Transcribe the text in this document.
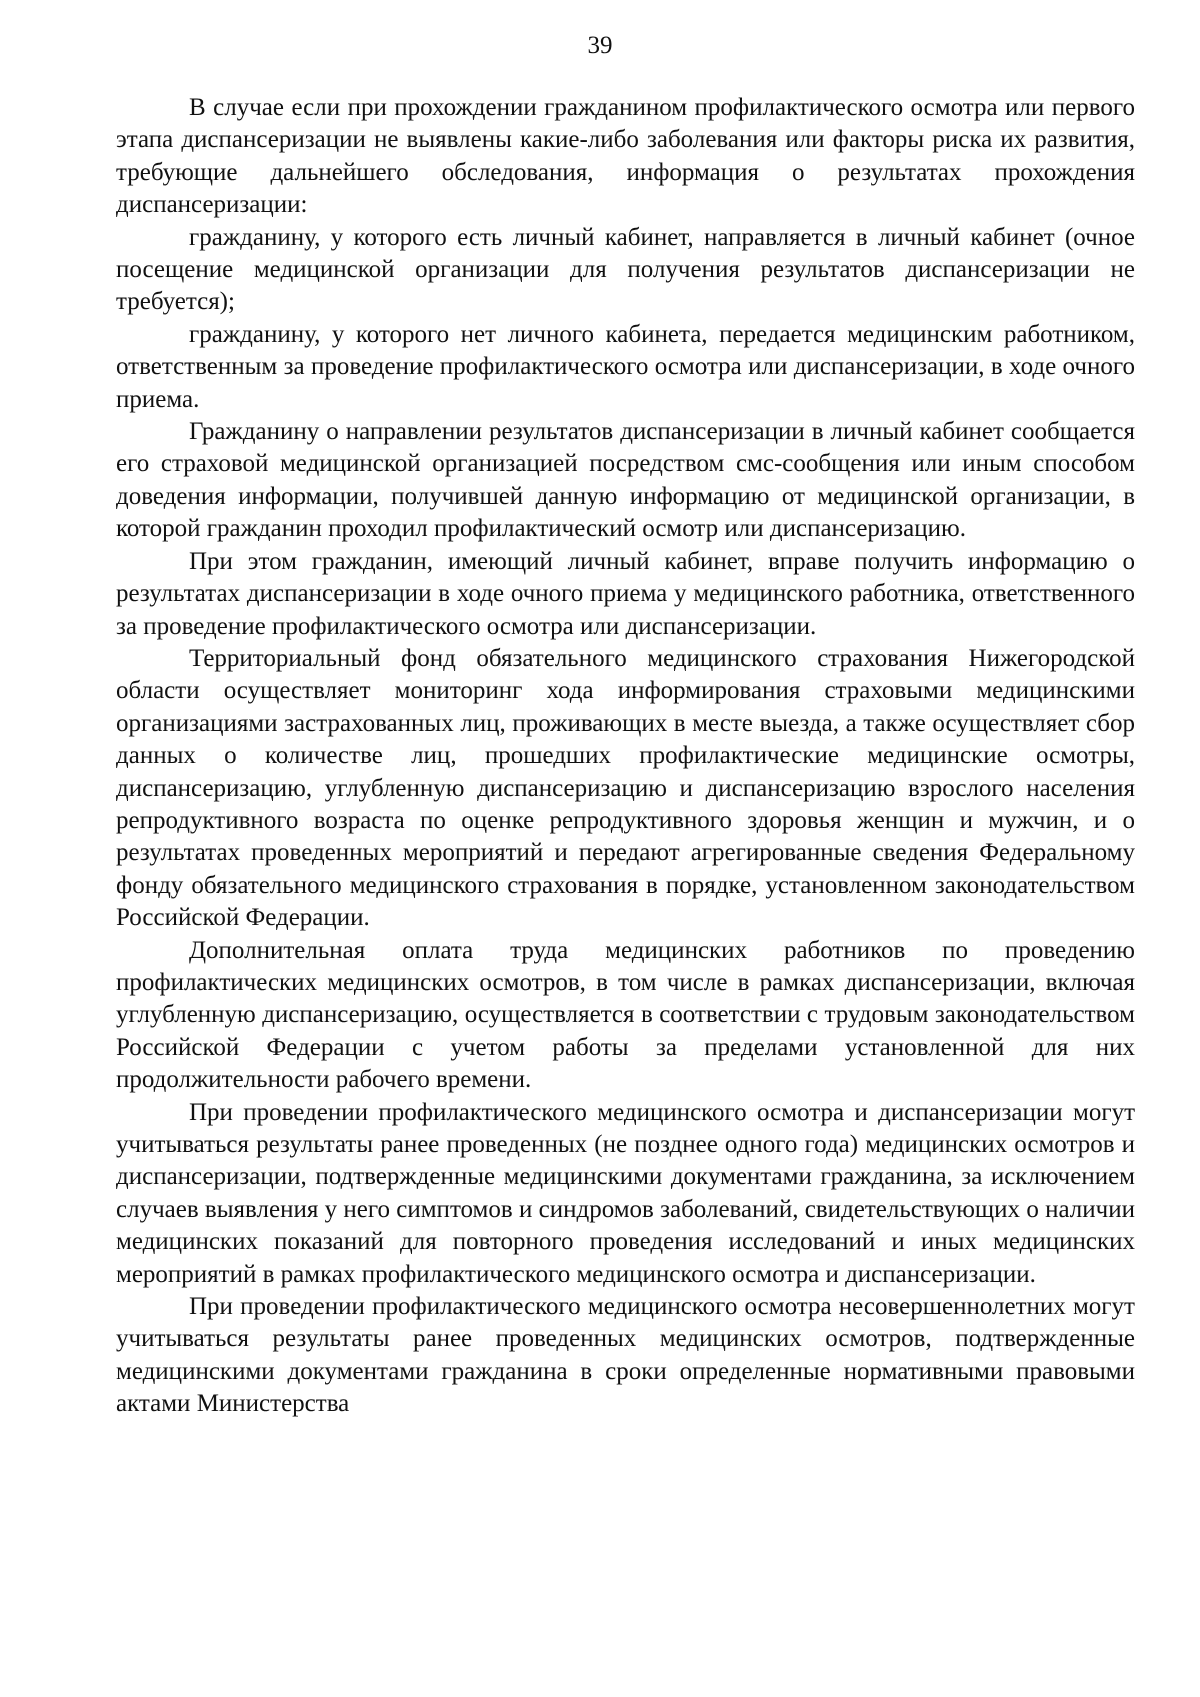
39

В случае если при прохождении гражданином профилактического осмотра или первого этапа диспансеризации не выявлены какие-либо заболевания или факторы риска их развития, требующие дальнейшего обследования, информация о результатах прохождения диспансеризации:

гражданину, у которого есть личный кабинет, направляется в личный кабинет (очное посещение медицинской организации для получения результатов диспансеризации не требуется);

гражданину, у которого нет личного кабинета, передается медицинским работником, ответственным за проведение профилактического осмотра или диспансеризации, в ходе очного приема.

Гражданину о направлении результатов диспансеризации в личный кабинет сообщается его страховой медицинской организацией посредством смс-сообщения или иным способом доведения информации, получившей данную информацию от медицинской организации, в которой гражданин проходил профилактический осмотр или диспансеризацию.

При этом гражданин, имеющий личный кабинет, вправе получить информацию о результатах диспансеризации в ходе очного приема у медицинского работника, ответственного за проведение профилактического осмотра или диспансеризации.

Территориальный фонд обязательного медицинского страхования Нижегородской области осуществляет мониторинг хода информирования страховыми медицинскими организациями застрахованных лиц, проживающих в месте выезда, а также осуществляет сбор данных о количестве лиц, прошедших профилактические медицинские осмотры, диспансеризацию, углубленную диспансеризацию и диспансеризацию взрослого населения репродуктивного возраста по оценке репродуктивного здоровья женщин и мужчин, и о результатах проведенных мероприятий и передают агрегированные сведения Федеральному фонду обязательного медицинского страхования в порядке, установленном законодательством Российской Федерации.

Дополнительная оплата труда медицинских работников по проведению профилактических медицинских осмотров, в том числе в рамках диспансеризации, включая углубленную диспансеризацию, осуществляется в соответствии с трудовым законодательством Российской Федерации с учетом работы за пределами установленной для них продолжительности рабочего времени.

При проведении профилактического медицинского осмотра и диспансеризации могут учитываться результаты ранее проведенных (не позднее одного года) медицинских осмотров и диспансеризации, подтвержденные медицинскими документами гражданина, за исключением случаев выявления у него симптомов и синдромов заболеваний, свидетельствующих о наличии медицинских показаний для повторного проведения исследований и иных медицинских мероприятий в рамках профилактического медицинского осмотра и диспансеризации.

При проведении профилактического медицинского осмотра несовершеннолетних могут учитываться результаты ранее проведенных медицинских осмотров, подтвержденные медицинскими документами гражданина в сроки определенные нормативными правовыми актами Министерства
